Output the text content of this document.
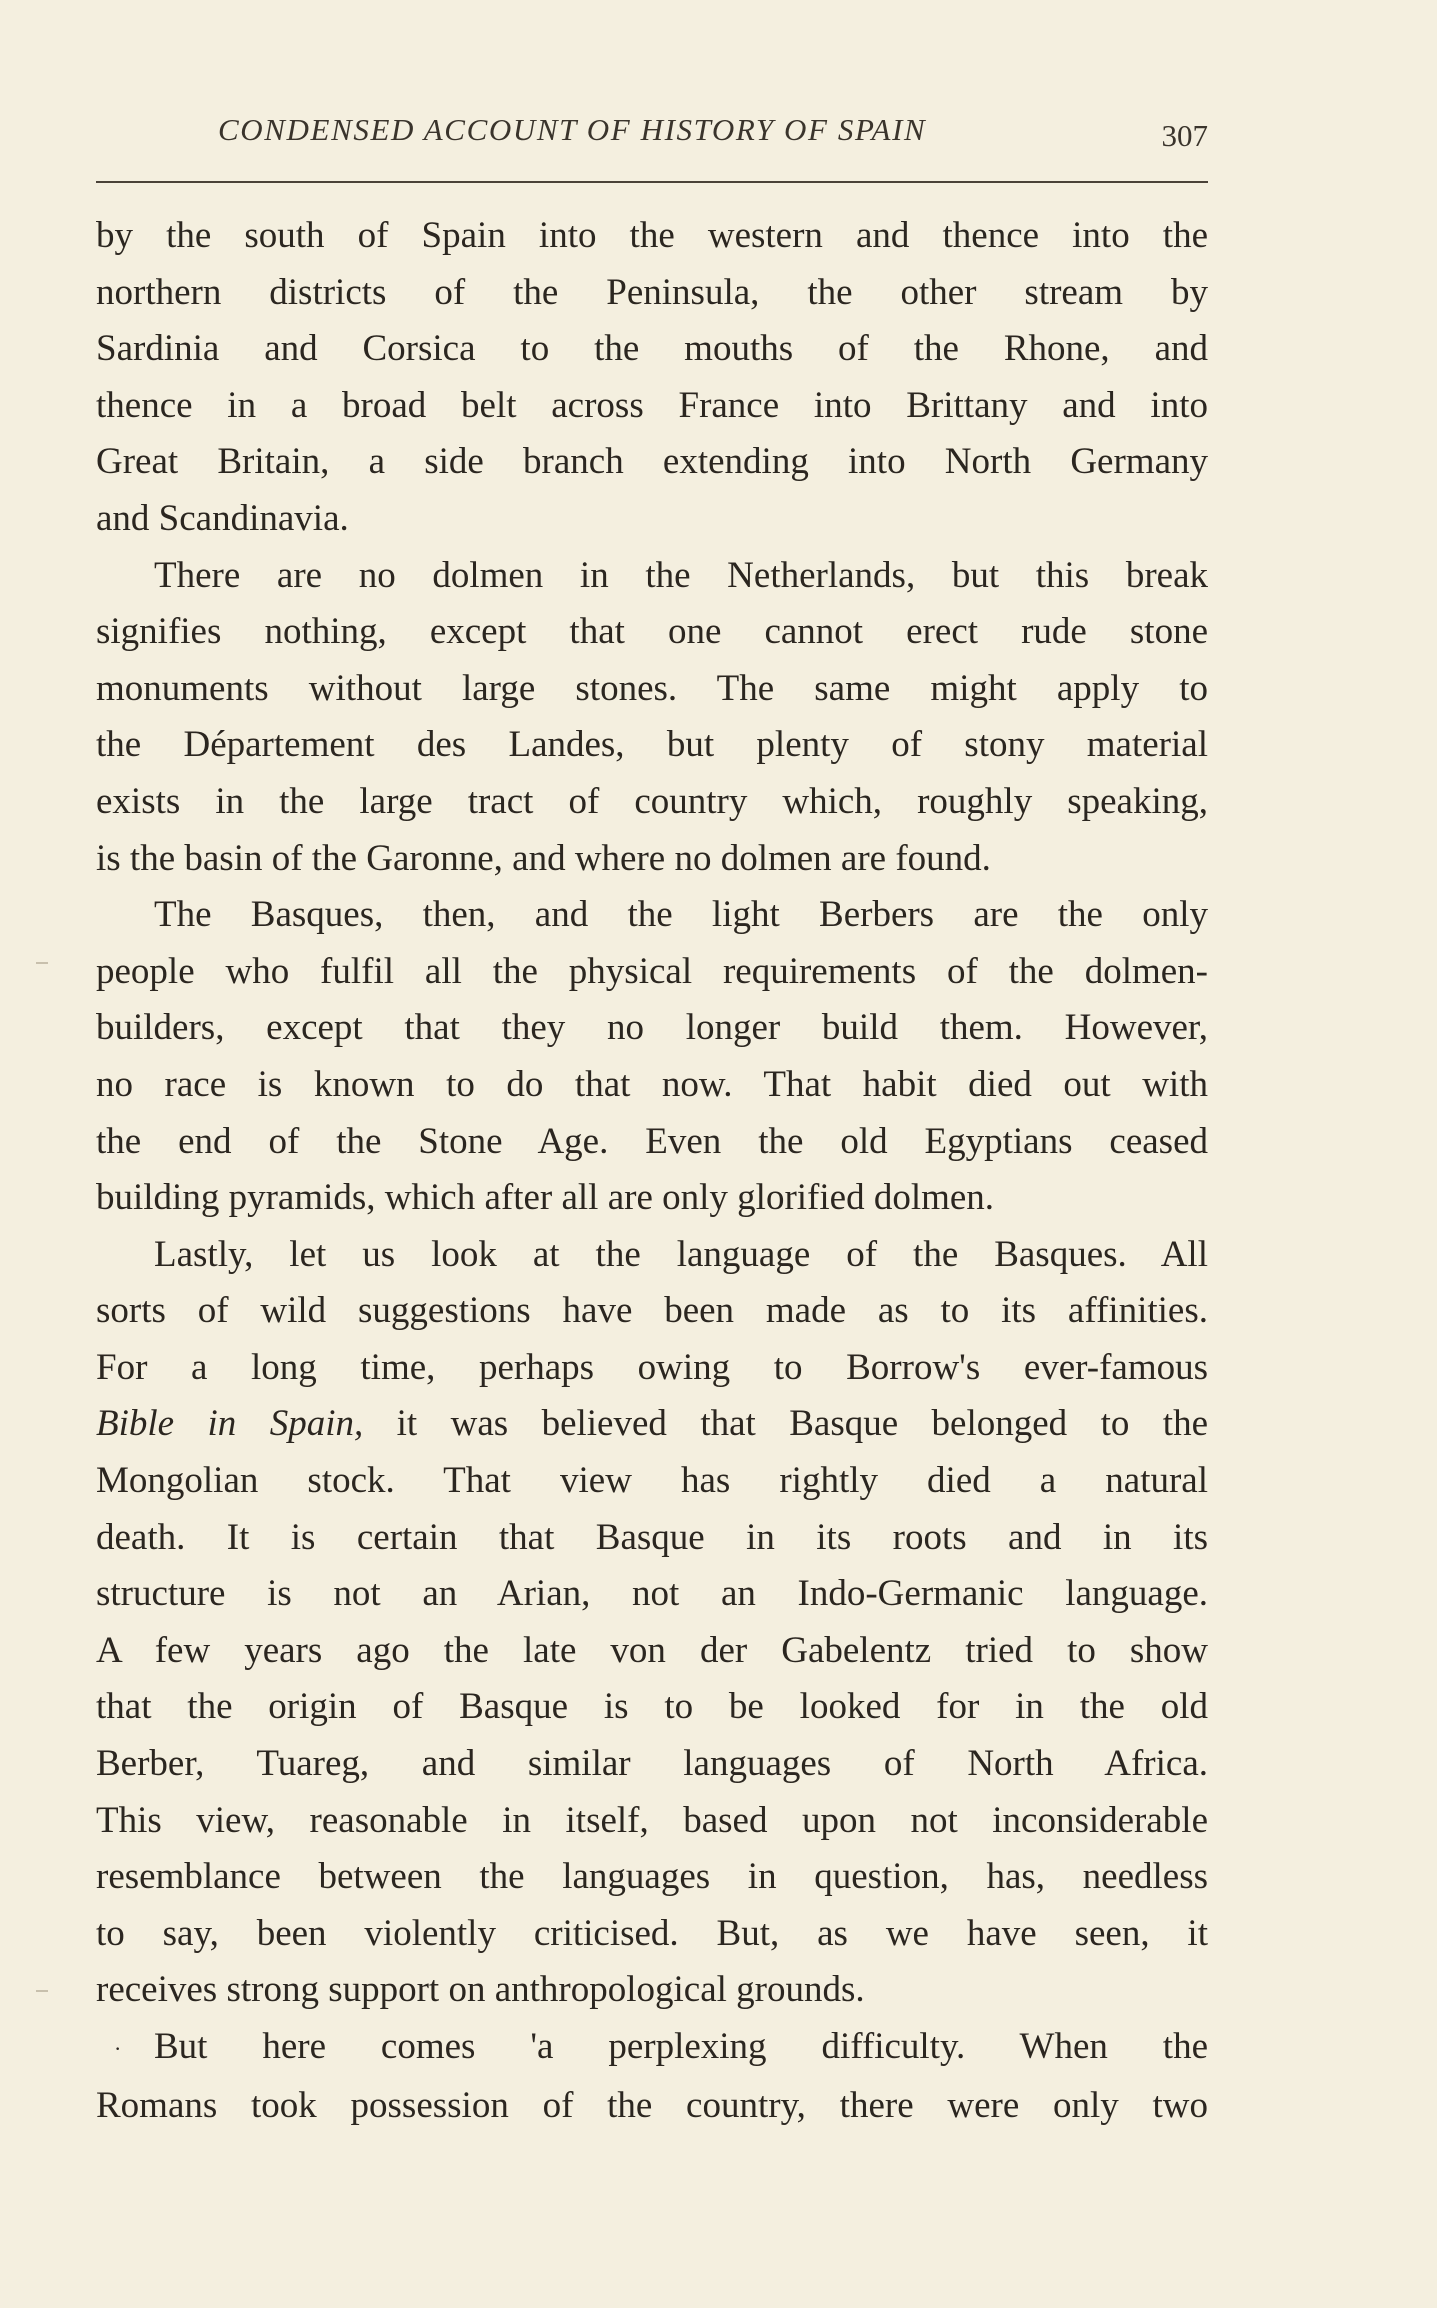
CONDENSED ACCOUNT OF HISTORY OF SPAIN	307
by the south of Spain into the western and thence into the
northern districts of the Peninsula, the other stream by
Sardinia and Corsica to the mouths of the Rhone, and
thence in a broad belt across France into Brittany and into
Great Britain, a side branch extending into North Germany
and Scandinavia.
There are no dolmen in the Netherlands, but this break
signifies nothing, except that one cannot erect rude stone
monuments without large stones. The same might apply to
the Département des Landes, but plenty of stony material
exists in the large tract of country which, roughly speaking,
is the basin of the Garonne, and where no dolmen are found.
The Basques, then, and the light Berbers are the only
people who fulfil all the physical requirements of the dolmen-
builders, except that they no longer build them. However,
no race is known to do that now. That habit died out with
the end of the Stone Age. Even the old Egyptians ceased
building pyramids, which after all are only glorified dolmen.
Lastly, let us look at the language of the Basques. All
sorts of wild suggestions have been made as to its affinities.
For a long time, perhaps owing to Borrow's ever-famous
Bible in Spain, it was believed that Basque belonged to the
Mongolian stock. That view has rightly died a natural
death. It is certain that Basque in its roots and in its
structure is not an Arian, not an Indo-Germanic language.
A few years ago the late von der Gabelentz tried to show
that the origin of Basque is to be looked for in the old
Berber, Tuareg, and similar languages of North Africa.
This view, reasonable in itself, based upon not inconsiderable
resemblance between the languages in question, has, needless
to say, been violently criticised. But, as we have seen, it
receives strong support on anthropological grounds.
· But here comes 'a perplexing difficulty. When the
Romans took possession of the country, there were only two
